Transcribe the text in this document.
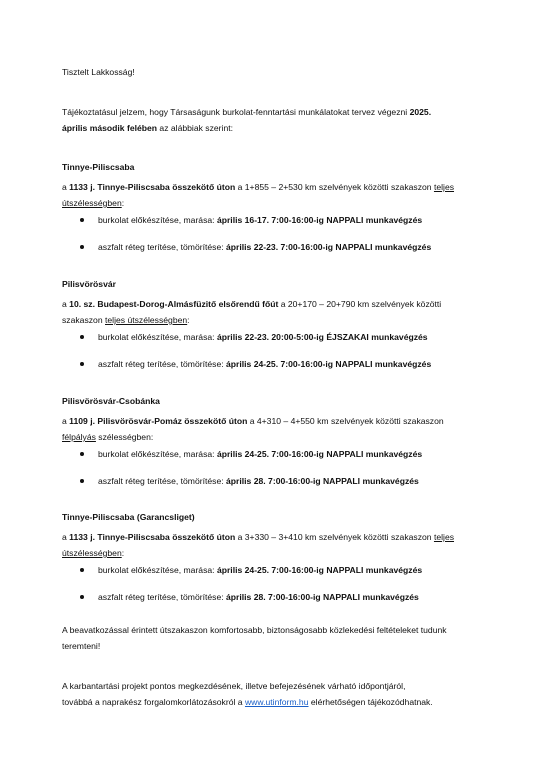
Tisztelt Lakkosság!
Tájékoztatásul jelzem, hogy Társaságunk burkolat-fenntartási munkálatokat tervez végezni 2025.
április második felében az alábbiak szerint:
Tinnye-Piliscsaba
a 1133 j. Tinnye-Piliscsaba összekötő úton a 1+855 – 2+530 km szelvények közötti szakaszon teljes
útszélességben:
burkolat előkészítése, marása: április 16-17. 7:00-16:00-ig NAPPALI munkavégzés
aszfalt réteg terítése, tömörítése: április 22-23. 7:00-16:00-ig NAPPALI munkavégzés
Pilisvörösvár
a 10. sz. Budapest-Dorog-Almásfüzitő elsőrendű főút a 20+170 – 20+790 km szelvények közötti
szakaszon teljes útszélességben:
burkolat előkészítése, marása: április 22-23. 20:00-5:00-ig ÉJSZAKAI munkavégzés
aszfalt réteg terítése, tömörítése: április 24-25. 7:00-16:00-ig NAPPALI munkavégzés
Pilisvörösvár-Csobánka
a 1109 j. Pilisvörösvár-Pomáz összekötő úton a 4+310 – 4+550 km szelvények közötti szakaszon
félpályás szélességben:
burkolat előkészítése, marása: április 24-25. 7:00-16:00-ig NAPPALI munkavégzés
aszfalt réteg terítése, tömörítése: április 28. 7:00-16:00-ig NAPPALI munkavégzés
Tinnye-Piliscsaba (Garancsliget)
a 1133 j. Tinnye-Piliscsaba összekötő úton a 3+330 – 3+410 km szelvények közötti szakaszon teljes
útszélességben:
burkolat előkészítése, marása: április 24-25. 7:00-16:00-ig NAPPALI munkavégzés
aszfalt réteg terítése, tömörítése: április 28. 7:00-16:00-ig NAPPALI munkavégzés
A beavatkozással érintett útszakaszon komfortosabb, biztonságosabb közlekedési feltételeket tudunk
teremteni!
A karbantartási projekt pontos megkezdésének, illetve befejezésének várható időpontjáról,
továbbá a naprakész forgalomkorlátozásokról a www.utinform.hu elérhetőségen tájékozódhatnak.
